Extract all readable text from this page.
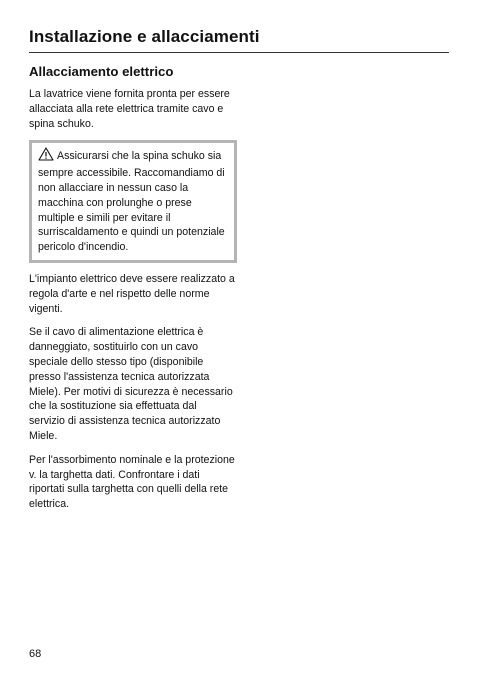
Installazione e allacciamenti
Allacciamento elettrico

La lavatrice viene fornita pronta per essere allacciata alla rete elettrica tramite cavo e spina schuko.

Assicurarsi che la spina schuko sia sempre accessibile. Raccomandiamo di non allacciare in nessun caso la macchina con prolunghe o prese multiple e simili per evitare il surriscaldamento e quindi un potenziale pericolo d'incendio.

L'impianto elettrico deve essere realizzato a regola d'arte e nel rispetto delle norme vigenti.

Se il cavo di alimentazione elettrica è danneggiato, sostituirlo con un cavo speciale dello stesso tipo (disponibile presso l'assistenza tecnica autorizzata Miele). Per motivi di sicurezza è necessario che la sostituzione sia effettuata dal servizio di assistenza tecnica autorizzato Miele.

Per l'assorbimento nominale e la protezione v. la targhetta dati. Confrontare i dati riportati sulla targhetta con quelli della rete elettrica.

68
